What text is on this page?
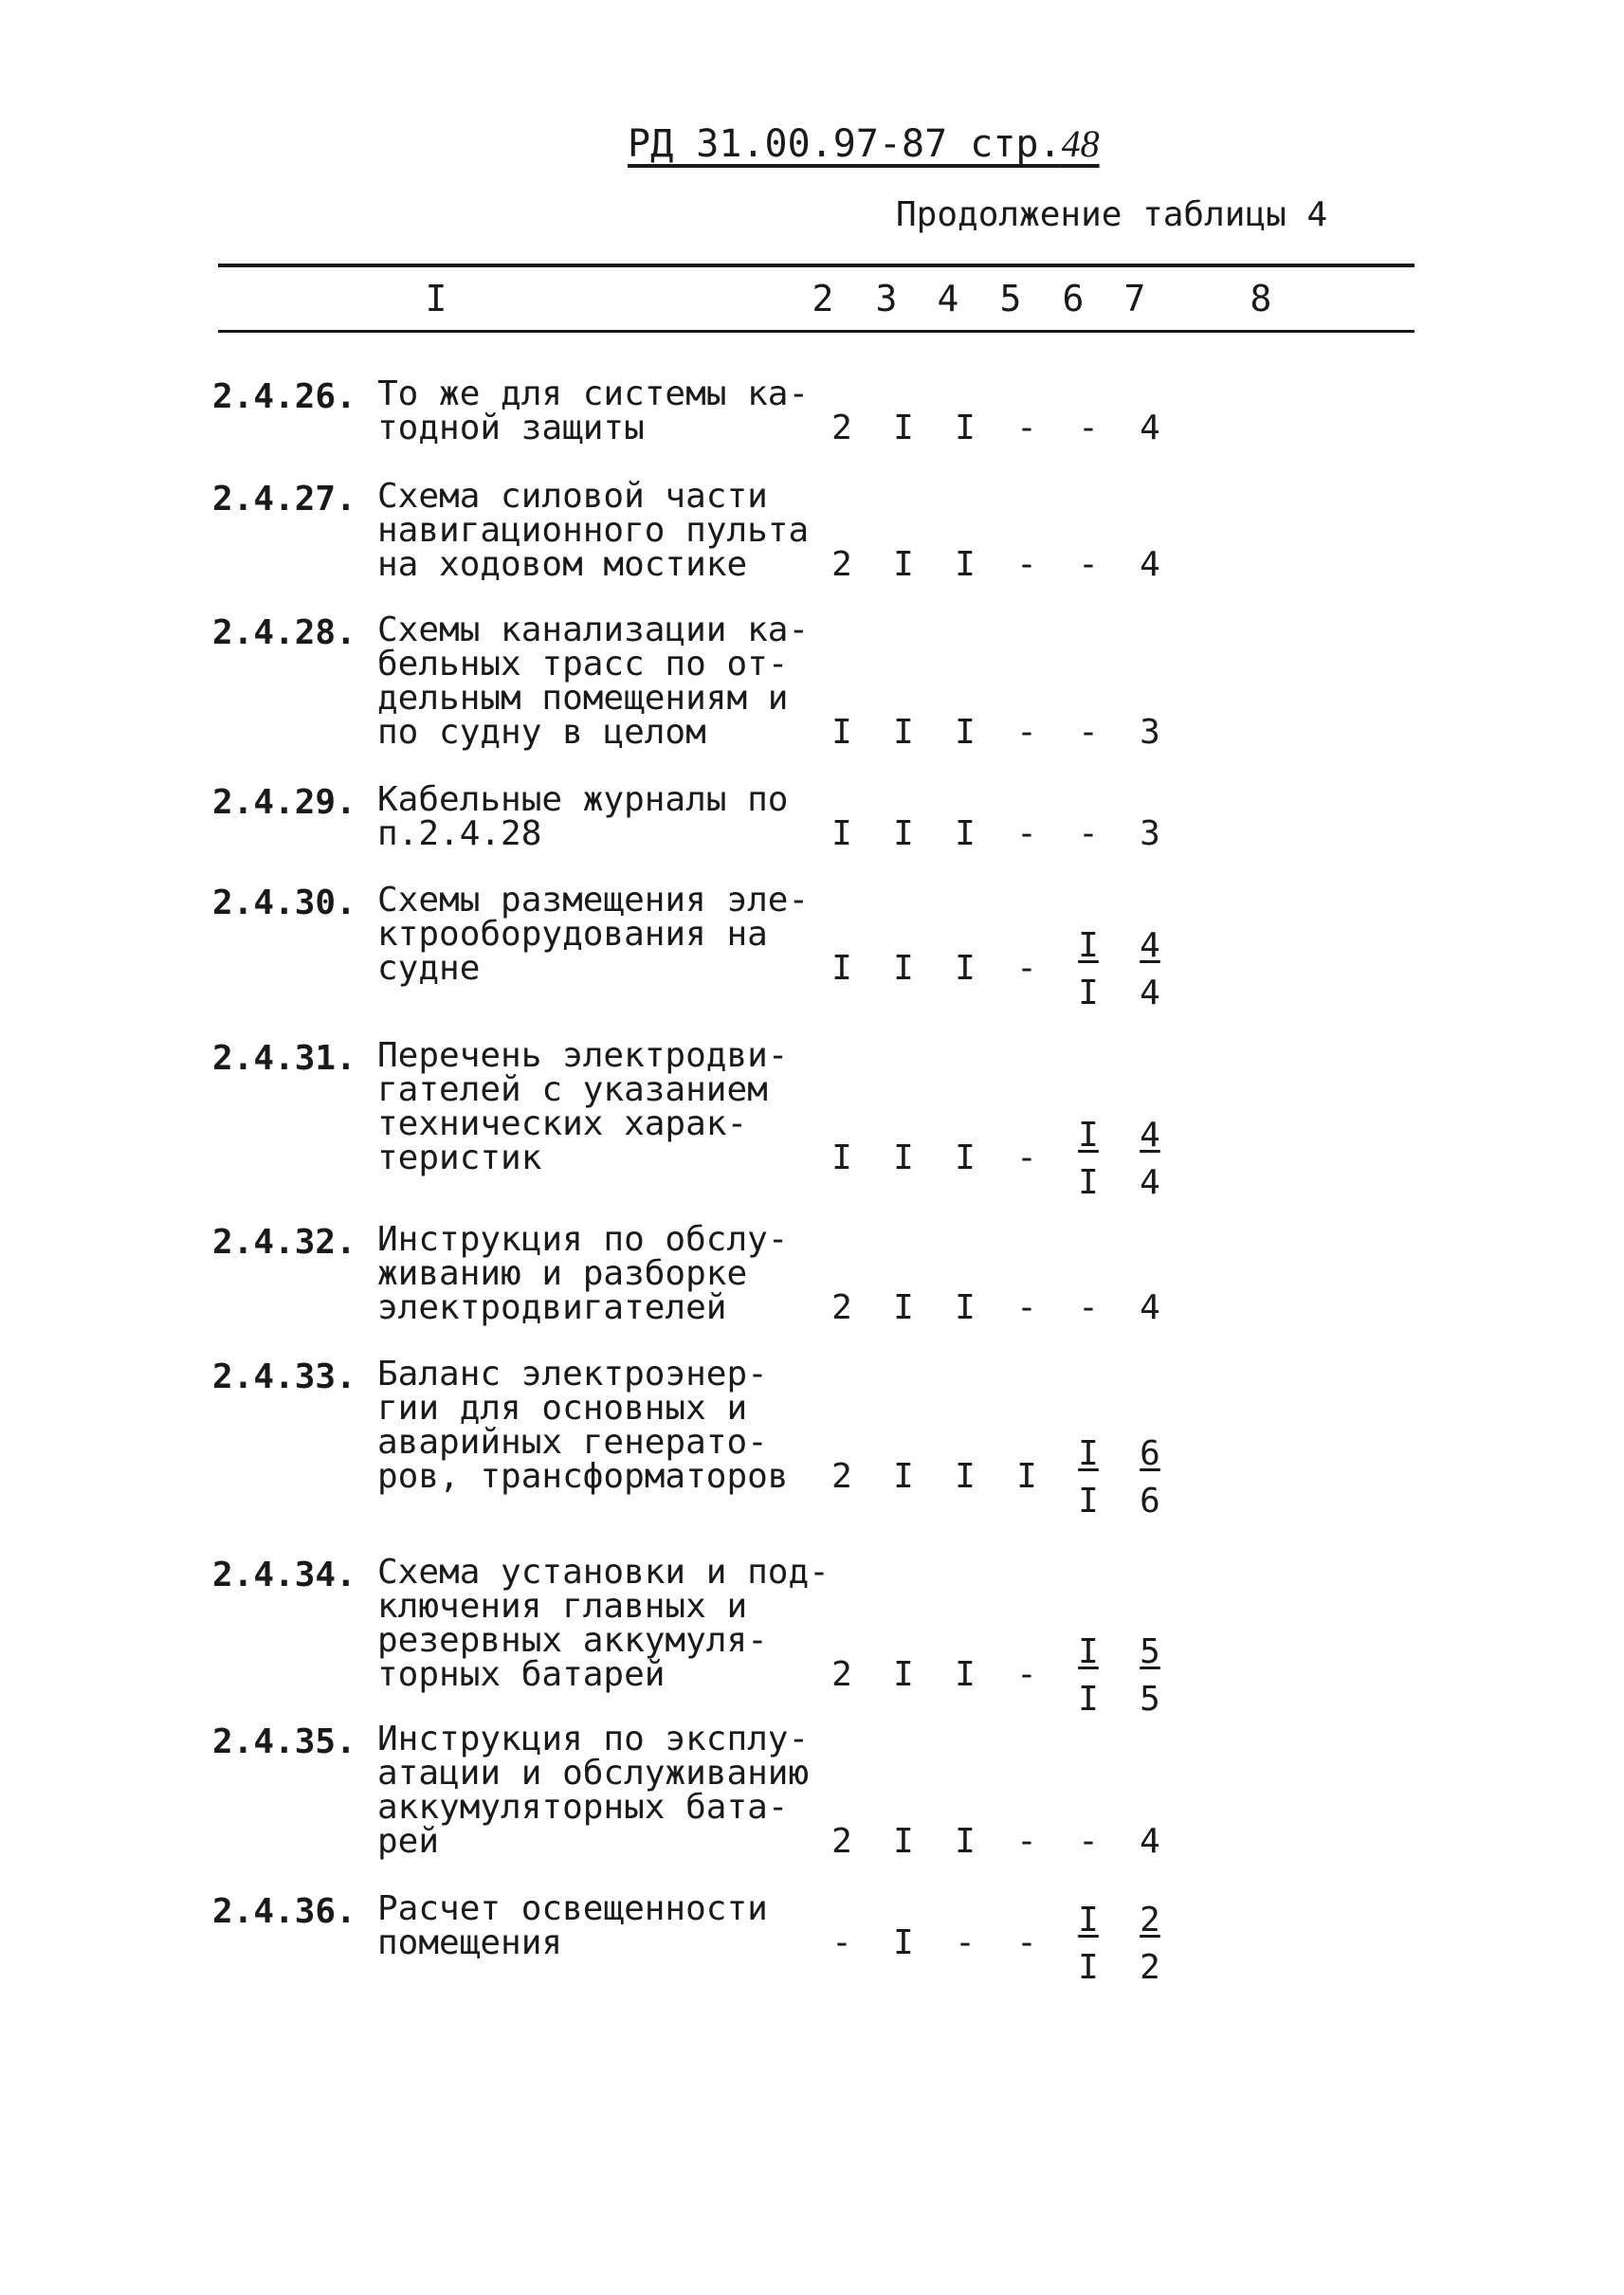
РД 31.00.97-87 стр.48
Продолжение таблицы 4
I	2 3 4 5 6 7	8
2.4.26. То же для системы ка-
тодной защиты	2 I I - - 4
2.4.27. Схема силовой части
навигационного пульта
на ходовом мостике	2 I I - - 4
2.4.28. Схемы канализации ка-
бельных трасс по от-
дельным помещениям и
по судну в целом	I I I - - 3
2.4.29. Кабельные журналы по
п.2.4.28	I I I - - 3
2.4.30. Схемы размещения эле-
ктрооборудования на
судне	I I I - $\frac{I}{I} \frac{4}{4}$
2.4.31. Перечень электродви-
гателей с указанием
технических харак-
теристик	I I I - $\frac{I}{I} \frac{4}{4}$
2.4.32. Инструкция по обслу-
живанию и разборке
электродвигателей	2 I I - - 4
2.4.33. Баланс электроэнер-
гии для основных и
аварийных генерато-
ров, трансформаторов 2 I I I $\frac{I}{I} \frac{6}{6}$
2.4.34. Схема установки и под-
ключения главных и
резервных аккумуля-
торных батарей	2 I I - $\frac{I}{I} \frac{5}{5}$
2.4.35. Инструкция по эксплу-
атации и обслуживанию
аккумуляторных бата-
рей	2 I I - - 4
2.4.36. Расчет освещенности
помещения	- I - - $\frac{I}{I} \frac{2}{2}$
